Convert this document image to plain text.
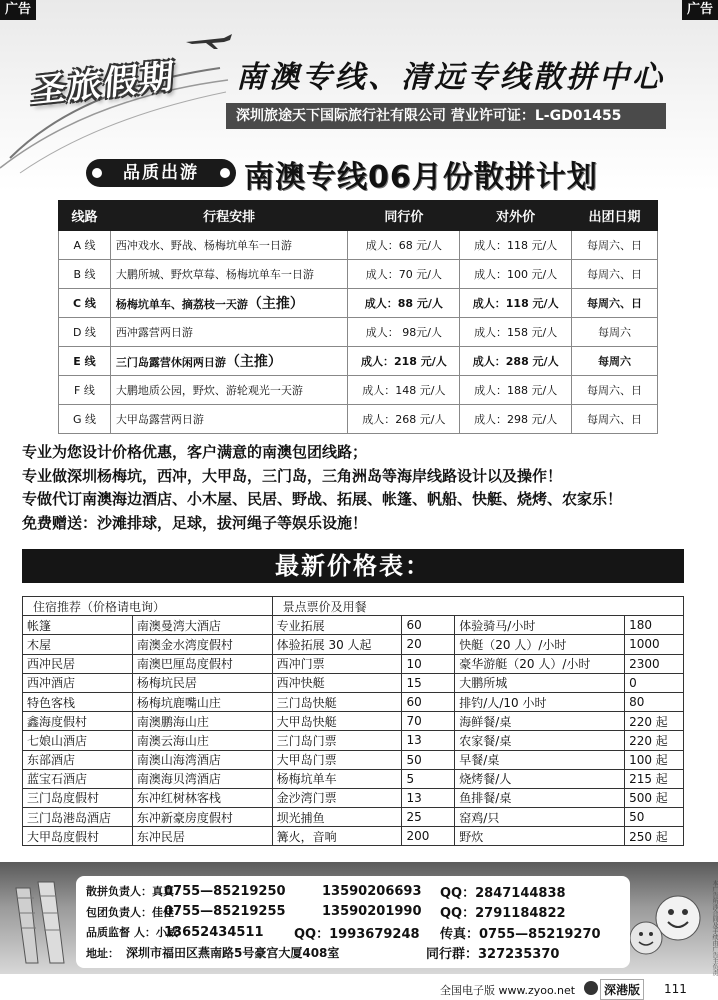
广告	广告
圣旅假期 南澳专线、清远专线散拼中心
深圳旅途天下国际旅行社有限公司 营业许可证：L-GD01455
品质出游	南澳专线06月份散拼计划
线路	行程安排	同行价	对外价	出团日期
A 线	西冲戏水、野战、杨梅坑单车一日游	成人：68 元/人	成人：118 元/人	每周六、日
B 线	大鹏所城、野炊草莓、杨梅坑单车一日游	成人：70 元/人	成人：100 元/人	每周六、日
C 线	杨梅坑单车、摘荔枝一天游（主推）	成人：88 元/人	成人：118 元/人	每周六、日
D 线	西冲露营两日游	成人： 98元/人	成人：158 元/人	每周六
E 线	三门岛露营休闲两日游（主推）	成人：218 元/人	成人：288 元/人	每周六
F 线	大鹏地质公园，野炊、游轮观光一天游	成人：148 元/人	成人：188 元/人	每周六、日
G 线	大甲岛露营两日游	成人：268 元/人	成人：298 元/人	每周六、日
专业为您设计价格优惠，客户满意的南澳包团线路；
专业做深圳杨梅坑，西冲，大甲岛，三门岛，三角洲岛等海岸线路设计以及操作！
专做代订南澳海边酒店、小木屋、民居、野战、拓展、帐篷、帆船、快艇、烧烤、农家乐！
免费赠送：沙滩排球，足球，拔河绳子等娱乐设施！
最新价格表：
住宿推荐（价格请电询）		景点票价及用餐			
帐篷	南澳曼湾大酒店	专业拓展	60	体验骑马/小时	180
木屋	南澳金水湾度假村	体验拓展 30 人起	20	快艇（20 人）/小时	1000
西冲民居	南澳巴厘岛度假村	西冲门票	10	豪华游艇（20 人）/小时	2300
西冲酒店	杨梅坑民居	西冲快艇	15	大鹏所城	0
特色客栈	杨梅坑鹿嘴山庄	三门岛快艇	60	排钓/人/10 小时	80
鑫海度假村	南澳鹏海山庄	大甲岛快艇	70	海鲜餐/桌	220 起
七娘山酒店	南澳云海山庄	三门岛门票	13	农家餐/桌	220 起
东部酒店	南澳山海湾酒店	大甲岛门票	50	早餐/桌	100 起
蓝宝石酒店	南澳海贝湾酒店	杨梅坑单车	5	烧烤餐/人	215 起
三门岛度假村	东冲红树林客栈	金沙湾门票	13	鱼排餐/桌	500 起
三门岛港岛酒店	东冲新豪房度假村	坝光捕鱼	25	窑鸡/只	50
大甲岛度假村	东冲民居	篝火，音响	200	野炊	250 起
散拼负责人：真真
0755—85219250	13590206693	QQ：2847144838
包团负责人：佳佳
0755—85219255	13590201990	QQ：2791184822
品质监督 人：小威
13652434511	QQ：1993679248	传真：0755—85219270
地址： 深圳市福田区燕南路5号豪宫大厦408室	同行群：327235370	本广告所涉合同及手续由广告主负责
全国电子版 www.zyoo.net	深港版	111
